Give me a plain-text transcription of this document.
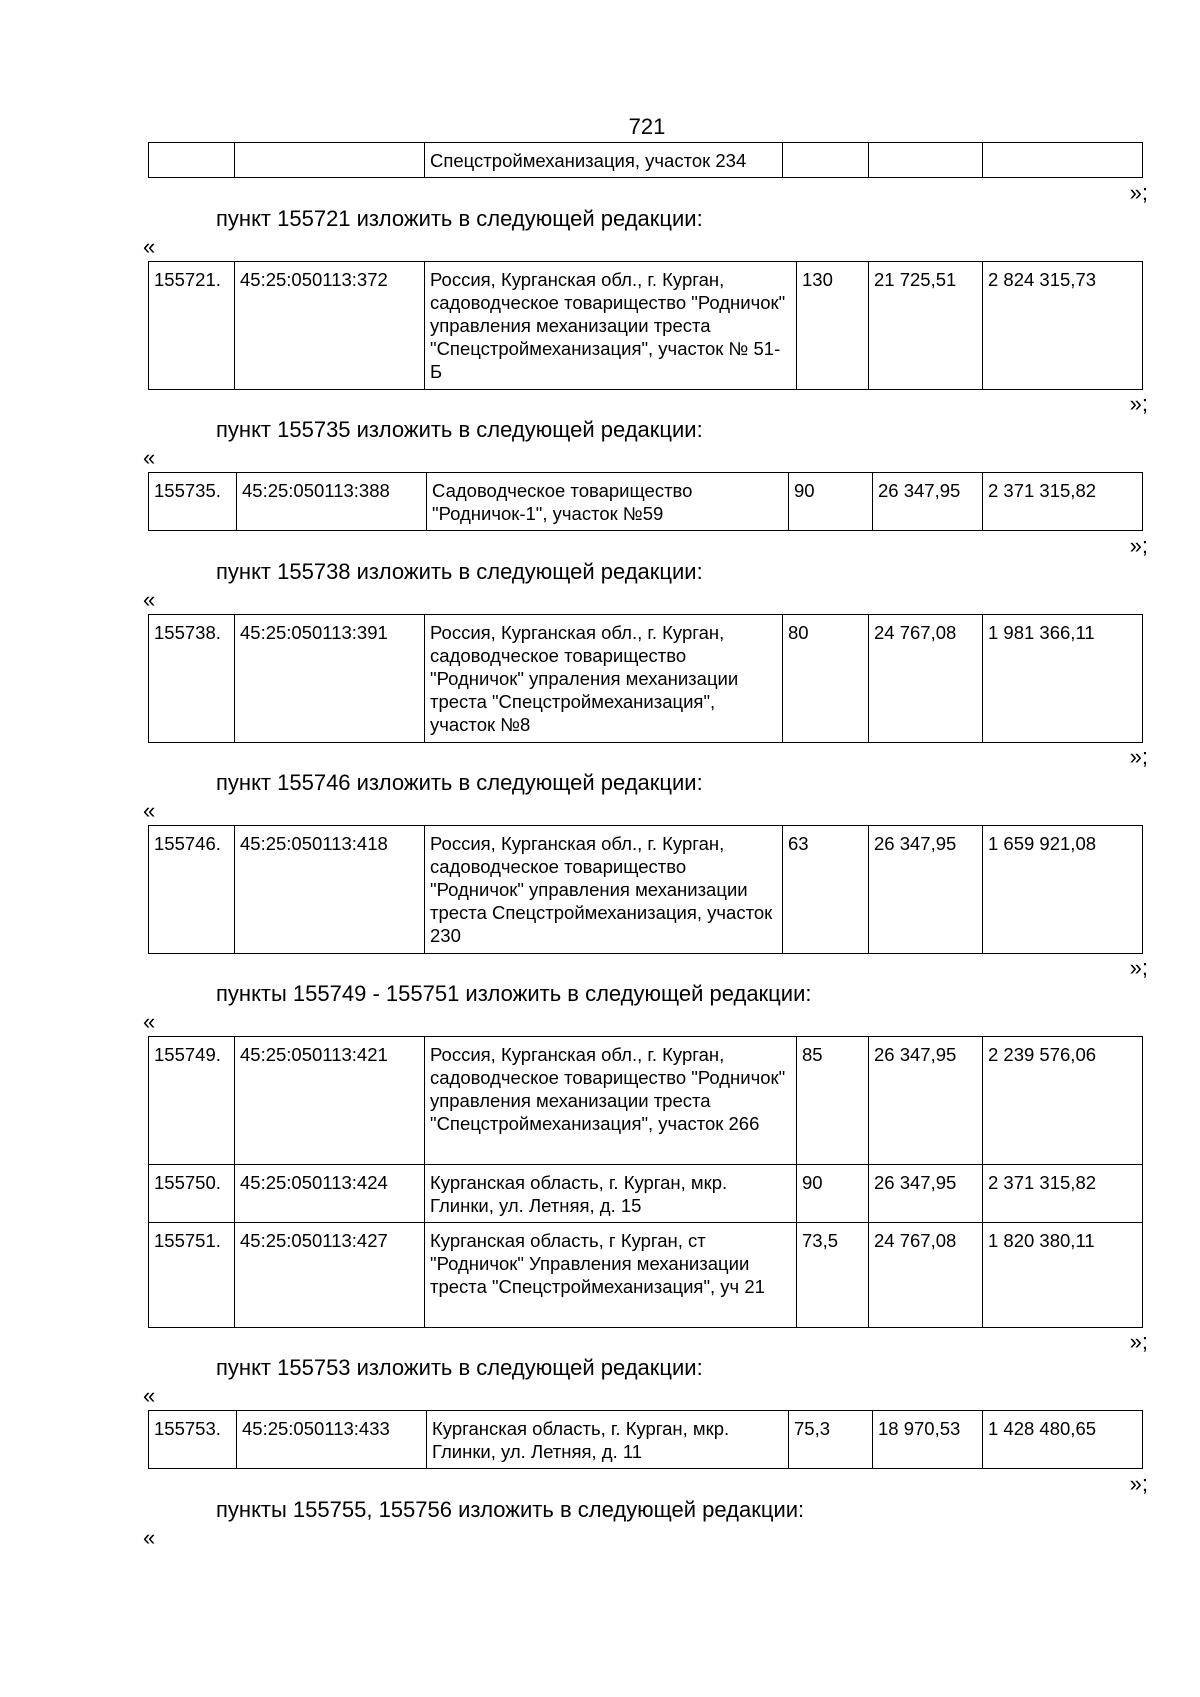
721
		Спецстроймеханизация, участок 234			
»;
пункт 155721 изложить в следующей редакции:
«
155721.	45:25:050113:372	Россия, Курганская обл., г. Курган, садоводческое товарищество "Родничок" управления механизации треста "Спецстроймеханизация", участок № 51-Б	130	21 725,51	2 824 315,73
»;
пункт 155735 изложить в следующей редакции:
«
155735.	45:25:050113:388	Садоводческое товарищество "Родничок-1", участок №59	90	26 347,95	2 371 315,82
»;
пункт 155738 изложить в следующей редакции:
«
155738.	45:25:050113:391	Россия, Курганская обл., г. Курган, садоводческое товарищество "Родничок" упраления механизации треста "Спецстроймеханизация", участок №8	80	24 767,08	1 981 366,11
»;
пункт 155746 изложить в следующей редакции:
«
155746.	45:25:050113:418	Россия, Курганская обл., г. Курган, садоводческое товарищество "Родничок" управления механизации треста Спецстроймеханизация, участок 230	63	26 347,95	1 659 921,08
»;
пункты 155749 - 155751 изложить в следующей редакции:
«
155749.	45:25:050113:421	Россия, Курганская обл., г. Курган, садоводческое товарищество "Родничок" управления механизации треста "Спецстроймеханизация", участок 266	85	26 347,95	2 239 576,06
155750.	45:25:050113:424	Курганская область, г. Курган, мкр. Глинки, ул. Летняя, д. 15	90	26 347,95	2 371 315,82
155751.	45:25:050113:427	Курганская область, г Курган, ст "Родничок" Управления механизации треста "Спецстроймеханизация", уч 21	73,5	24 767,08	1 820 380,11
»;
пункт 155753 изложить в следующей редакции:
«
155753.	45:25:050113:433	Курганская область, г. Курган, мкр. Глинки, ул. Летняя, д. 11	75,3	18 970,53	1 428 480,65
»;
пункты 155755, 155756 изложить в следующей редакции:
«
